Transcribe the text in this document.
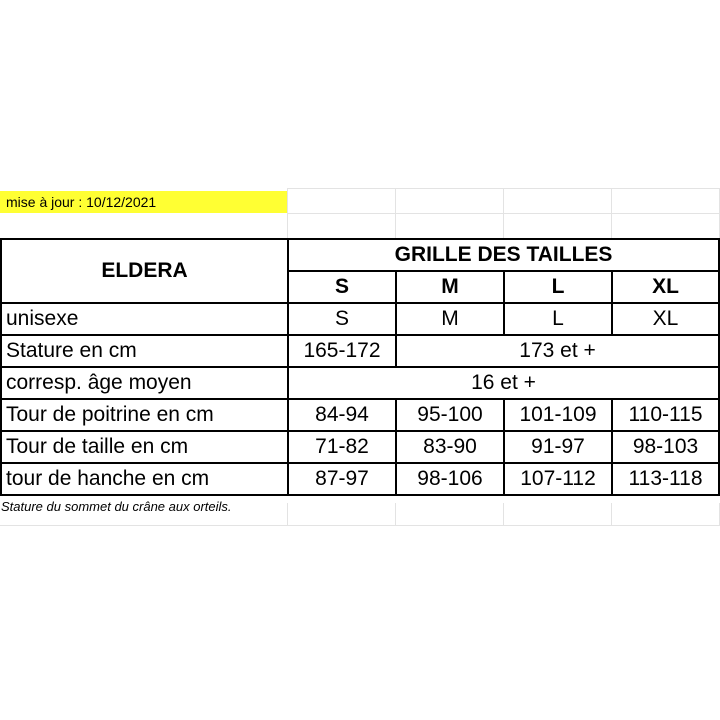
mise à jour : 10/12/2021
ELDERA	GRILLE DES TAILLES			
	S	M	L	XL
unisexe	S	M	L	XL
Stature en cm	165-172	173 et +		
corresp. âge moyen	16 et +			
Tour de poitrine en cm	84-94	95-100	101-109	110-115
Tour de taille en cm	71-82	83-90	91-97	98-103
tour de hanche en cm	87-97	98-106	107-112	113-118
Stature du sommet du crâne aux orteils.				
